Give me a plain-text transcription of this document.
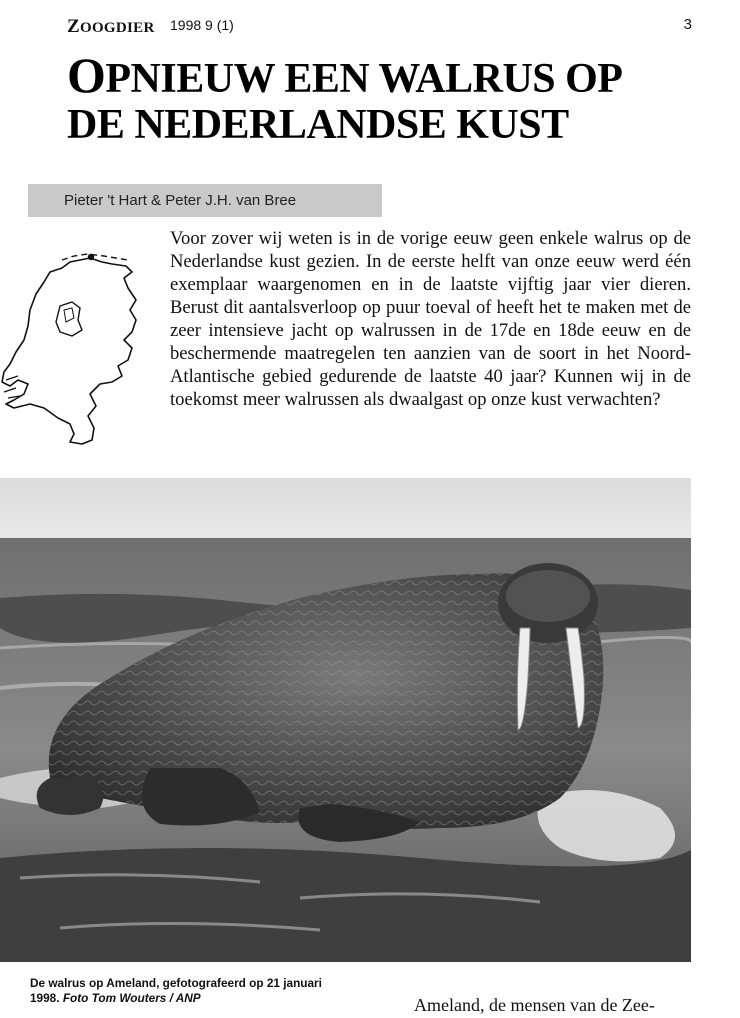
ZOOGDIER 1998 9 (1)	3
OPNIEUW EEN WALRUS OP
DE NEDERLANDSE KUST
Pieter 't Hart & Peter J.H. van Bree

Voor zover wij weten is in de vorige eeuw geen enkele walrus op de Nederlandse kust gezien. In de eerste helft van onze eeuw werd één exemplaar waargenomen en in de laatste vijftig jaar vier dieren. Berust dit aantalsverloop op puur toeval of heeft het te maken met de zeer intensieve jacht op walrussen in de 17de en 18de eeuw en de beschermende maatregelen ten aanzien van de soort in het Noord-Atlantische gebied gedurende de laatste 40 jaar? Kunnen wij in de toekomst meer walrussen als dwaalgast op onze kust verwachten?

De walrus op Ameland, gefotografeerd op 21 januari 1998. Foto Tom Wouters / ANP	Ameland, de mensen van de Zee-
